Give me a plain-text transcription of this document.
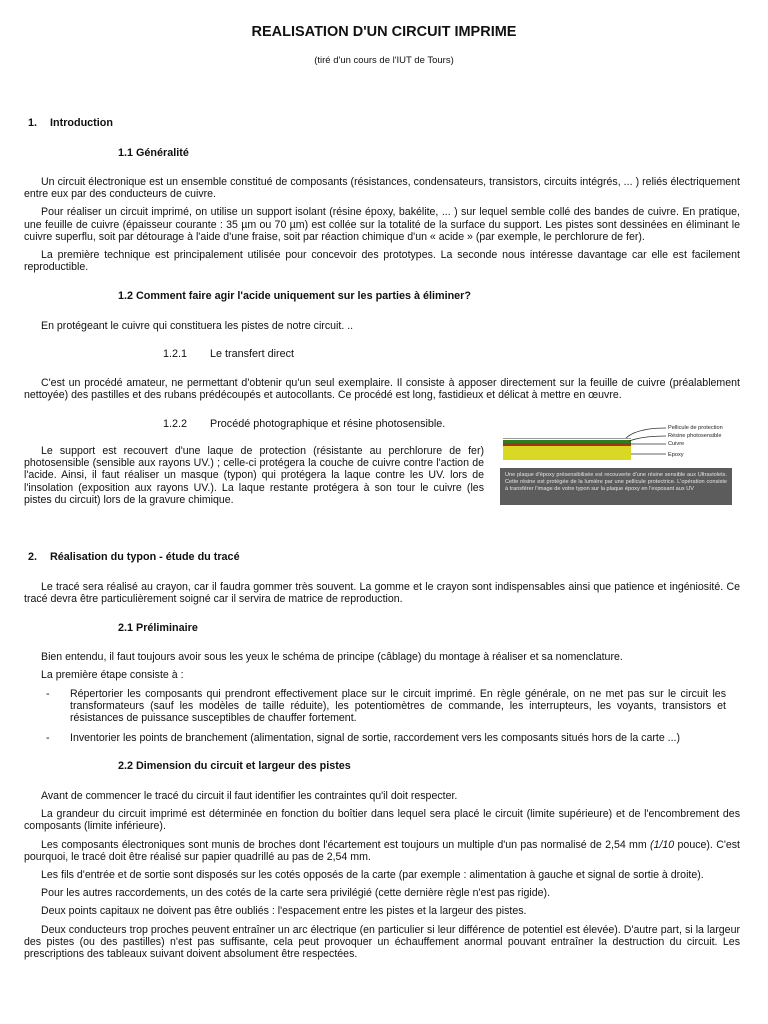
REALISATION D'UN CIRCUIT IMPRIME
(tiré d'un cours de l'IUT de Tours)
1. Introduction
1.1 Généralité

Un circuit électronique est un ensemble constitué de composants (résistances, condensateurs, transistors, circuits intégrés, ... ) reliés électriquement entre eux par des conducteurs de cuivre.

Pour réaliser un circuit imprimé, on utilise un support isolant (résine époxy, bakélite, ... ) sur lequel semble collé des bandes de cuivre. En pratique, une feuille de cuivre (épaisseur courante : 35 µm ou 70 µm) est collée sur la totalité de la surface du support. Les pistes sont dessinées en éliminant le cuivre superflu, soit par détourage à l'aide d'une fraise, soit par réaction chimique d'un « acide » (par exemple, le perchlorure de fer).

La première technique est principalement utilisée pour concevoir des prototypes. La seconde nous intéresse davantage car elle est facilement reproductible.

1.2 Comment faire agir l'acide uniquement sur les parties à éliminer?

En protégeant le cuivre qui constituera les pistes de notre circuit. ..

1.2.1 Le transfert direct

C'est un procédé amateur, ne permettant d'obtenir qu'un seul exemplaire. Il consiste à apposer directement sur la feuille de cuivre (préalablement nettoyée) des pastilles et des rubans prédécoupés et autocollants. Ce procédé est long, fastidieux et délicat à mettre en œuvre.

1.2.2 Procédé photographique et résine photosensible.

Le support est recouvert d'une laque de protection (résistante au perchlorure de fer) photosensible (sensible aux rayons UV.) ; celle-ci protégera la couche de cuivre contre l'action de l'acide. Ainsi, il faut réaliser un masque (typon) qui protégera la laque contre les UV. lors de l'insolation (exposition aux rayons UV.). La laque restante protégera à son tour le cuivre (les pistes du circuit) lors de la gravure chimique.

Pellicule de protection
Résine photosensible
Cuivre
Epoxy
Une plaque d'époxy présensibilisée est recouverte d'une résine sensible aux Ultraviolets. Cette résine est protégée de la lumière par une pellicule protectrice. L'opération consiste à transférer l'image de votre typon sur la plaque époxy en l'exposant aux UV
2. Réalisation du typon - étude du tracé

Le tracé sera réalisé au crayon, car il faudra gommer très souvent. La gomme et le crayon sont indispensables ainsi que patience et ingéniosité. Ce tracé devra être particulièrement soigné car il servira de matrice de reproduction.

2.1 Préliminaire

Bien entendu, il faut toujours avoir sous les yeux le schéma de principe (câblage) du montage à réaliser et sa nomenclature.

La première étape consiste à :

- Répertorier les composants qui prendront effectivement place sur le circuit imprimé. En règle générale, on ne met pas sur le circuit les transformateurs (sauf les modèles de taille réduite), les potentiomètres de commande, les interrupteurs, les voyants, transistors et résistances de puissance susceptibles de chauffer fortement.
- Inventorier les points de branchement (alimentation, signal de sortie, raccordement vers les composants situés hors de la carte ...)
2.2 Dimension du circuit et largeur des pistes

Avant de commencer le tracé du circuit il faut identifier les contraintes qu'il doit respecter.

La grandeur du circuit imprimé est déterminée en fonction du boîtier dans lequel sera placé le circuit (limite supérieure) et de l'encombrement des composants (limite inférieure).

Les composants électroniques sont munis de broches dont l'écartement est toujours un multiple d'un pas normalisé de 2,54 mm (1/10 pouce). C'est pourquoi, le tracé doit être réalisé sur papier quadrillé au pas de 2,54 mm.

Les fils d'entrée et de sortie sont disposés sur les cotés opposés de la carte (par exemple : alimentation à gauche et signal de sortie à droite).

Pour les autres raccordements, un des cotés de la carte sera privilégié (cette dernière règle n'est pas rigide).

Deux points capitaux ne doivent pas être oubliés : l'espacement entre les pistes et la largeur des pistes.

Deux conducteurs trop proches peuvent entraîner un arc électrique (en particulier si leur différence de potentiel est élevée). D'autre part, si la largeur des pistes (ou des pastilles) n'est pas suffisante, cela peut provoquer un échauffement anormal pouvant entraîner la destruction du circuit. Les prescriptions des tableaux suivant doivent absolument être respectées.
